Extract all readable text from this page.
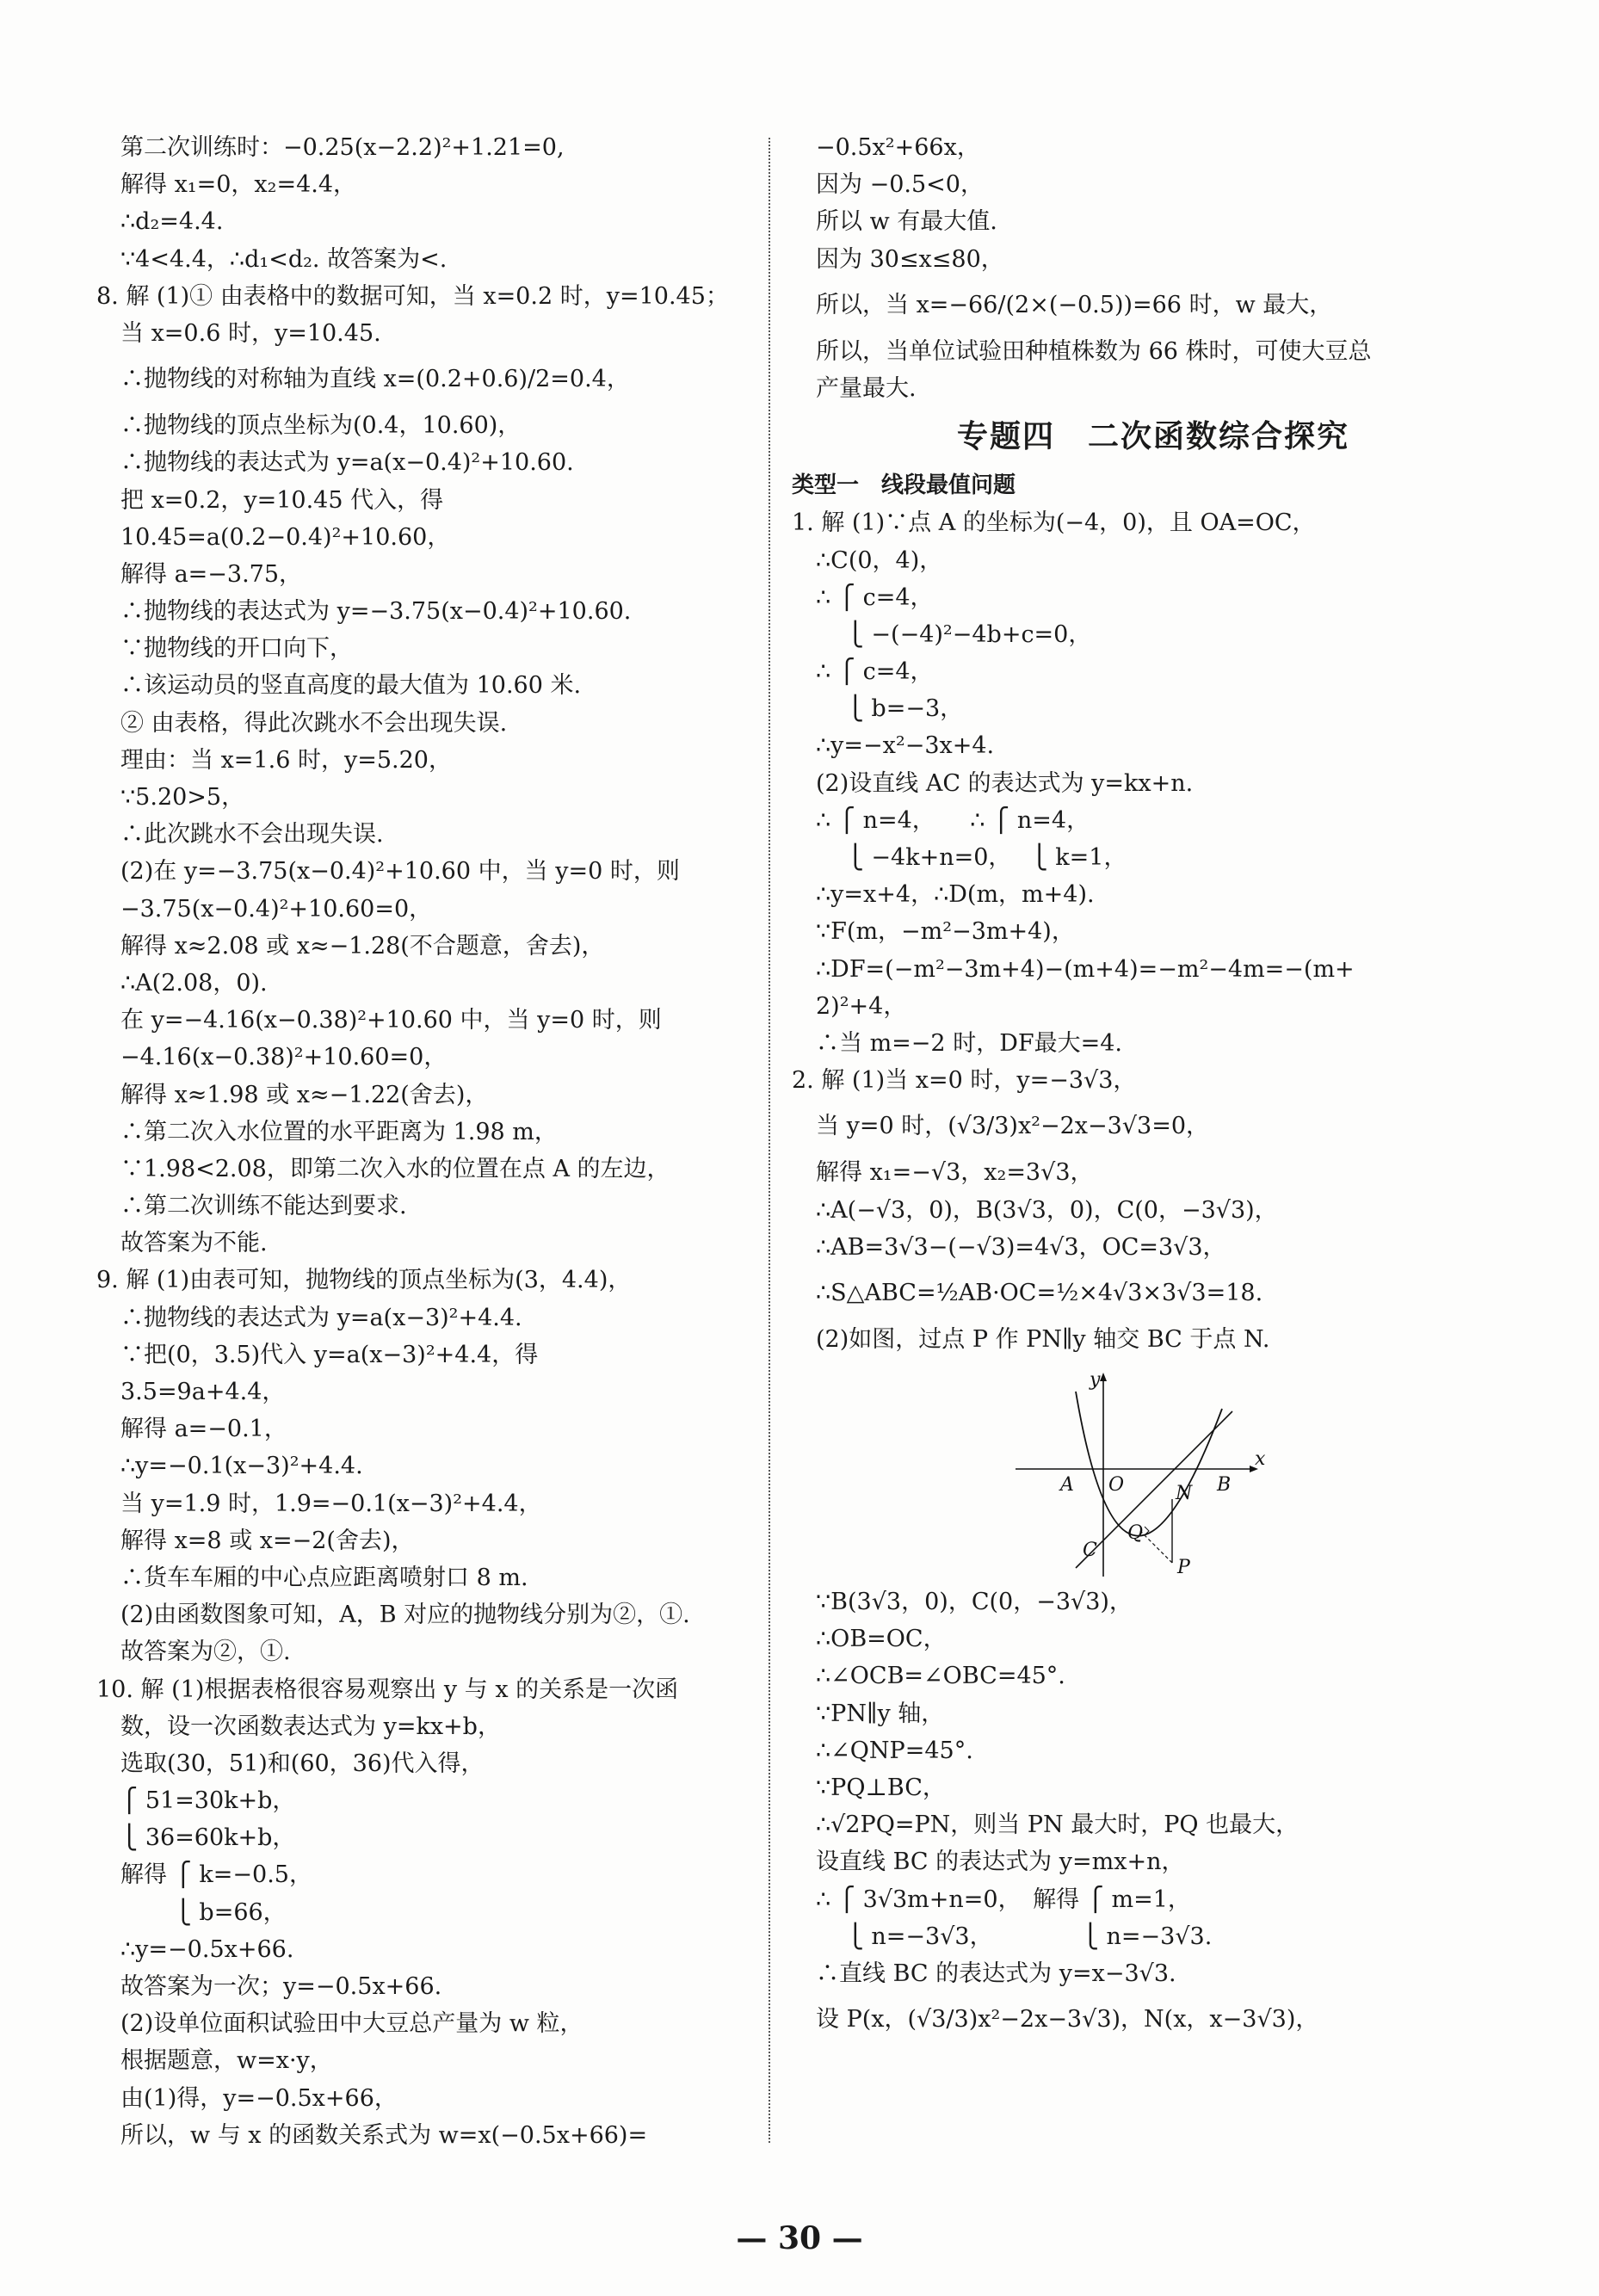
第二次训练时：−0.25(x−2.2)²+1.21=0,
解得 x₁=0，x₂=4.4，
∴d₂=4.4.
∵4<4.4，∴d₁<d₂. 故答案为<.
8. 解 (1)① 由表格中的数据可知，当 x=0.2 时，y=10.45；
当 x=0.6 时，y=10.45.
∴抛物线的对称轴为直线 x=(0.2+0.6)/2=0.4，
∴抛物线的顶点坐标为(0.4，10.60)，
∴抛物线的表达式为 y=a(x−0.4)²+10.60.
把 x=0.2，y=10.45 代入，得
10.45=a(0.2−0.4)²+10.60，
解得 a=−3.75，
∴抛物线的表达式为 y=−3.75(x−0.4)²+10.60.
∵抛物线的开口向下，
∴该运动员的竖直高度的最大值为 10.60 米.
② 由表格，得此次跳水不会出现失误.
理由：当 x=1.6 时，y=5.20，
∵5.20>5，
∴此次跳水不会出现失误.
(2)在 y=−3.75(x−0.4)²+10.60 中，当 y=0 时，则
−3.75(x−0.4)²+10.60=0，
解得 x≈2.08 或 x≈−1.28(不合题意，舍去)，
∴A(2.08，0).
在 y=−4.16(x−0.38)²+10.60 中，当 y=0 时，则
−4.16(x−0.38)²+10.60=0，
解得 x≈1.98 或 x≈−1.22(舍去)，
∴第二次入水位置的水平距离为 1.98 m，
∵1.98<2.08，即第二次入水的位置在点 A 的左边，
∴第二次训练不能达到要求.
故答案为不能.
9. 解 (1)由表可知，抛物线的顶点坐标为(3，4.4)，
∴抛物线的表达式为 y=a(x−3)²+4.4.
∵把(0，3.5)代入 y=a(x−3)²+4.4，得
3.5=9a+4.4，
解得 a=−0.1，
∴y=−0.1(x−3)²+4.4.
当 y=1.9 时，1.9=−0.1(x−3)²+4.4，
解得 x=8 或 x=−2(舍去)，
∴货车车厢的中心点应距离喷射口 8 m.
(2)由函数图象可知，A，B 对应的抛物线分别为②，①.
故答案为②，①.
10. 解 (1)根据表格很容易观察出 y 与 x 的关系是一次函
数，设一次函数表达式为 y=kx+b，
选取(30，51)和(60，36)代入得，
⎧ 51=30k+b，
⎩ 36=60k+b，
解得 ⎧ k=−0.5，
　　 ⎩ b=66，
∴y=−0.5x+66.
故答案为一次；y=−0.5x+66.
(2)设单位面积试验田中大豆总产量为 w 粒，
根据题意，w=x·y，
由(1)得，y=−0.5x+66，
所以，w 与 x 的函数关系式为 w=x(−0.5x+66)=
−0.5x²+66x，
因为 −0.5<0，
所以 w 有最大值.
因为 30≤x≤80，
所以，当 x=−66/(2×(−0.5))=66 时，w 最大，
所以，当单位试验田种植株数为 66 株时，可使大豆总
产量最大.
专题四　二次函数综合探究
类型一　线段最值问题
1. 解 (1)∵点 A 的坐标为(−4，0)，且 OA=OC，
∴C(0，4)，
∴ ⎧ c=4，
　 ⎩ −(−4)²−4b+c=0，
∴ ⎧ c=4，
　 ⎩ b=−3，
∴y=−x²−3x+4.
(2)设直线 AC 的表达式为 y=kx+n.
∴ ⎧ n=4，　　∴ ⎧ n=4，
　 ⎩ −4k+n=0，　 ⎩ k=1，
∴y=x+4，∴D(m，m+4).
∵F(m，−m²−3m+4)，
∴DF=(−m²−3m+4)−(m+4)=−m²−4m=−(m+
2)²+4，
∴当 m=−2 时，DF最大=4.
2. 解 (1)当 x=0 时，y=−3√3，
当 y=0 时，(√3/3)x²−2x−3√3=0，
解得 x₁=−√3，x₂=3√3，
∴A(−√3，0)，B(3√3，0)，C(0，−3√3)，
∴AB=3√3−(−√3)=4√3，OC=3√3，
∴S△ABC=½AB·OC=½×4√3×3√3=18.
(2)如图，过点 P 作 PN∥y 轴交 BC 于点 N.
y
x
A O	B
N
Q
C
P
∵B(3√3，0)，C(0，−3√3)，
∴OB=OC，
∴∠OCB=∠OBC=45°.
∵PN∥y 轴，
∴∠QNP=45°.
∵PQ⊥BC，
∴√2PQ=PN，则当 PN 最大时，PQ 也最大，
设直线 BC 的表达式为 y=mx+n，
∴ ⎧ 3√3m+n=0，　解得 ⎧ m=1，
　 ⎩ n=−3√3，　　　　 ⎩ n=−3√3.
∴直线 BC 的表达式为 y=x−3√3.
设 P(x，(√3/3)x²−2x−3√3)，N(x，x−3√3)，
— 30 —
